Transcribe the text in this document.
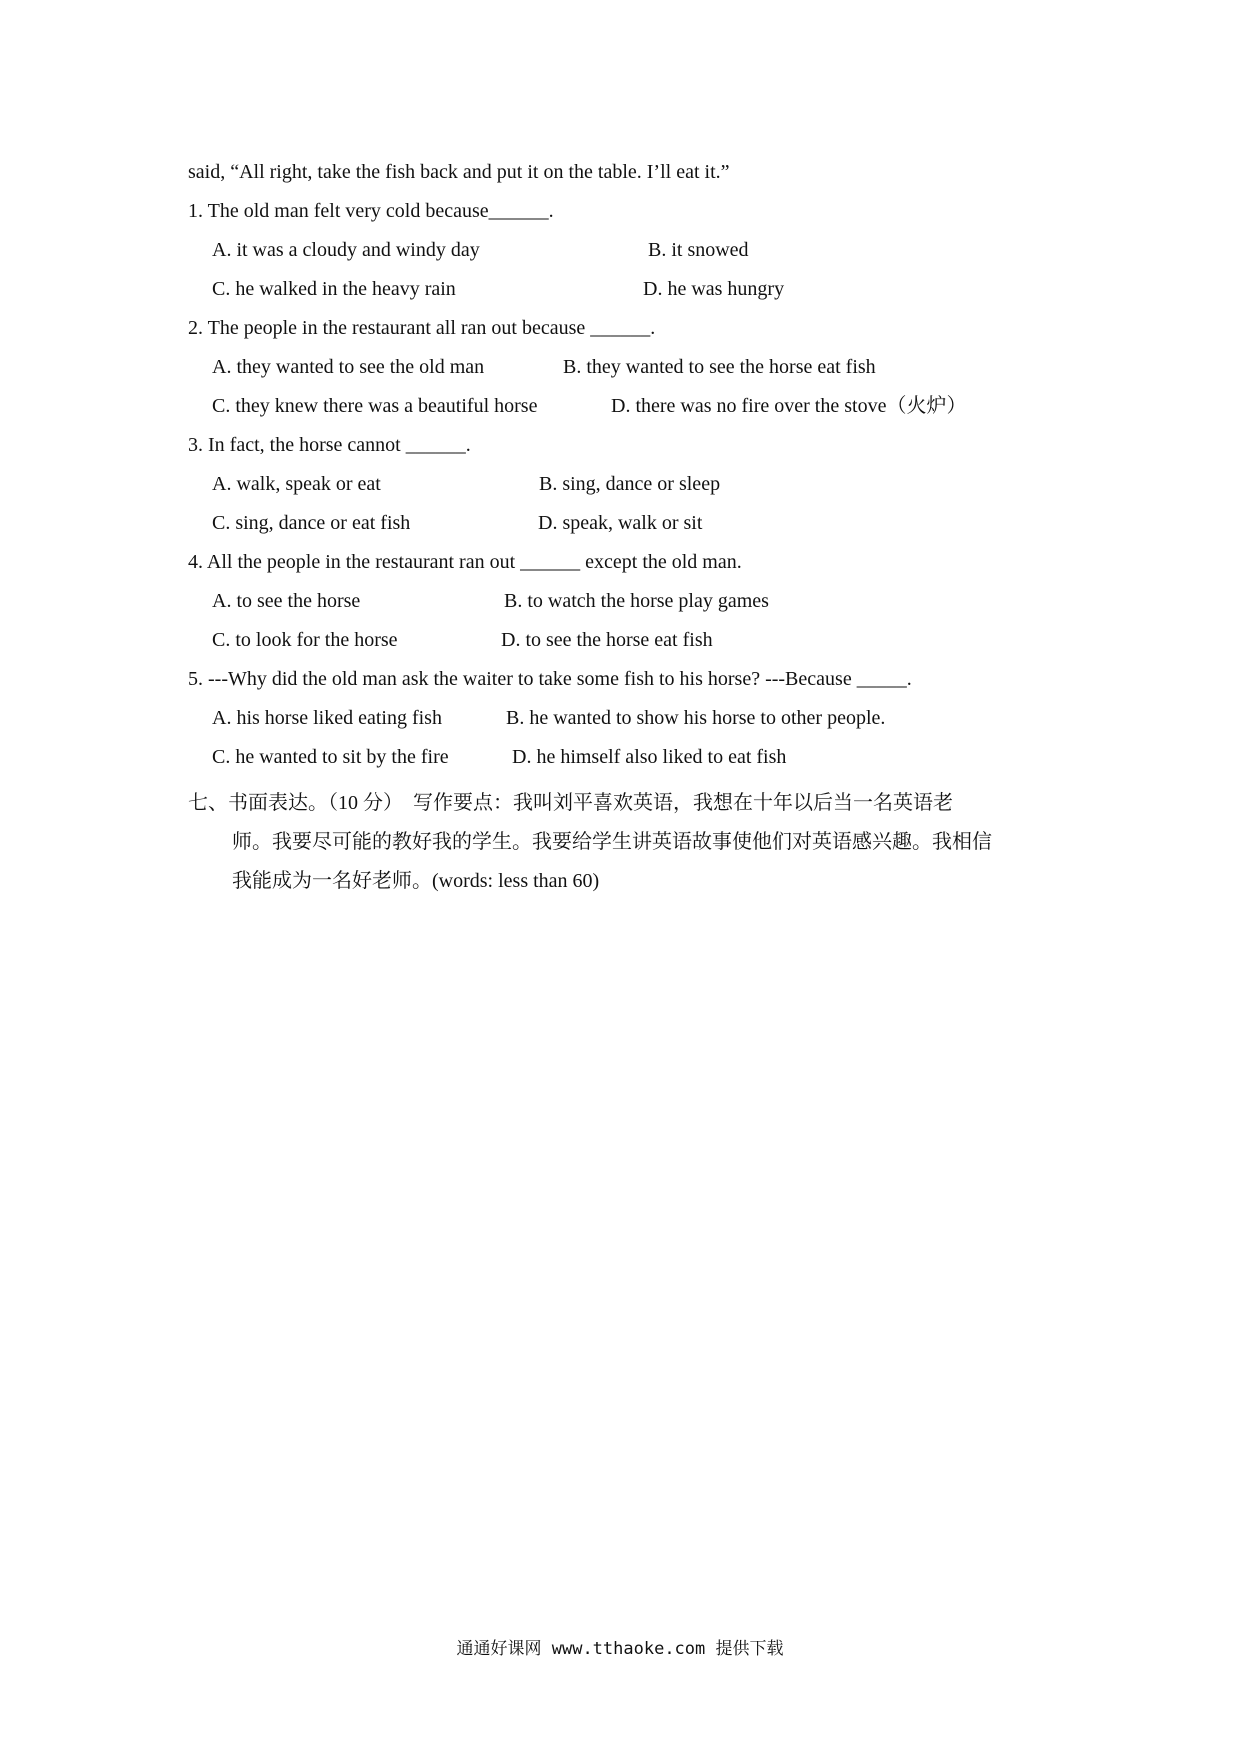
said, “All right, take the fish back and put it on the table. I’ll eat it.”
1. The old man felt very cold because______.
A. it was a cloudy and windy day	B. it snowed
C. he walked in the heavy rain	D. he was hungry
2. The people in the restaurant all ran out because ______.
A. they wanted to see the old man	B. they wanted to see the horse eat fish
C. they knew there was a beautiful horse	D. there was no fire over the stove（火炉）
3. In fact, the horse cannot ______.
A. walk, speak or eat	B. sing, dance or sleep
C. sing, dance or eat fish	D. speak, walk or sit
4. All the people in the restaurant ran out ______ except the old man.
A. to see the horse	B. to watch the horse play games
C. to look for the horse	D. to see the horse eat fish
5. ---Why did the old man ask the waiter to take some fish to his horse? ---Because _____.
A. his horse liked eating fish	B. he wanted to show his horse to other people.
C. he wanted to sit by the fire	D. he himself also liked to eat fish
七、书面表达。（10 分）　写作要点：我叫刘平喜欢英语，我想在十年以后当一名英语老
师。我要尽可能的教好我的学生。我要给学生讲英语故事使他们对英语感兴趣。我相信
我能成为一名好老师。(words: less than 60)
通通好课网 www.tthaoke.com 提供下载
